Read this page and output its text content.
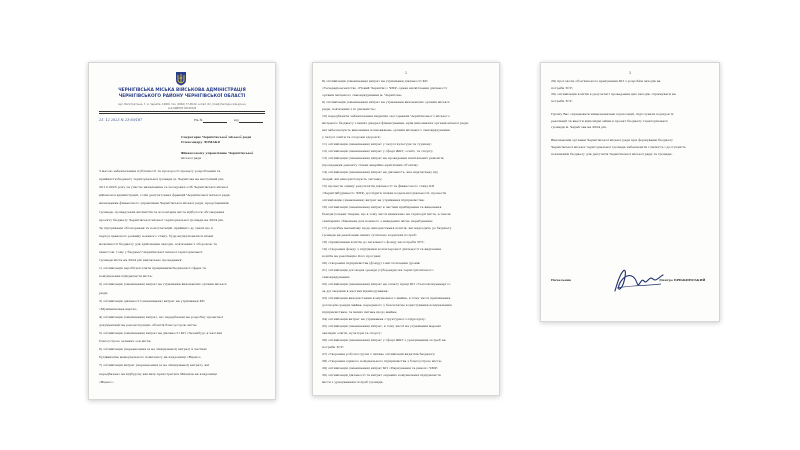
ЧЕРНІГІВСЬКА МІСЬКА ВІЙСЬКОВА АДМІНІСТРАЦІЯ
ЧЕРНІГІВСЬКОГО РАЙОНУ ЧЕРНІГІВСЬКОЇ ОБЛАСТІ
вул. Магістратська, 7, м. Чернігів, 14000, тел. (0462) 77-48-02, e-mail: cbr_mva@chernigiv-rada.gov.ua
код ЄДРПОУ 45199729
21. 12 2023 № 23-50/187	На №	від
Секретарю Чернігівської міської ради
Олександру ЛОМАКО
Фінансовому управлінню Чернігівської
міської ради
З метою забезпечення публічності та прозорості процесу розроблення та
прийняття бюджету територіальної громади м. Чернігова на наступний рік,
20.12.2023 року за участю начальника та посадових осіб Чернігівської міської
військової адміністрації, голів депутатських фракцій Чернігівської міської ради,
начальника фінансового управління Чернігівської міської ради, представників
громади, громадських активістів та волонтерів міста відбулося обговорення
проєкту бюджету Чернігівської міської територіальної громади на 2024 рік.
За підсумками обговорення та консультацій, прийнято до уваги що в
період правового режиму воєнного стану, буде акумулюватися вільні
можливості бюджету для здійснення заходів, пов'язаних з обороною та
захистом, тому у бюджеті Чернігівської міської територіальної
громади міста на 2024 рік виключено проведення:
1) оптимізація заробітної плати працівників бюджетної сфери та
комунальних підприємств міста;
2) оптимізація (зменшення) витрат на утримання виконавчих органів міської
ради;
3) оптимізація діяльності (зменшення) витрат на утримання КП
«Муніципальна варта»;
4) оптимізація (зменшення) витрат, що передбачені на розробку проектної
документації на реконструкцію об'єктів благоустрою міста;
5) оптимізація (зменшення) витрат на діяльності КП «Зеленбуд» в частині
благоустрою зелених зон міста;
6) оптимізація (перенесення (а не ліквідованої) витрат) в частині
будівництва меморіального комплексу на кладовищі «Яцево»;
7) оптимізація витрат (перенесення (а не ліквідованої) витрат), які
передбачено на відбудову каплиці Архистратига Михаїла на кладовищі
«Яцево»;
2
8) оптимізація (зменшення) витрат на утримання діяльності КП
«Телерадіоагентство «Новий Чернігів»» ЧМР, однак висвітлення діяльності
органів місцевого самоврядування м. Чернігова;
9) оптимізація (зменшення) витрат на утримання виконавчих органів міської
ради, пов'язаних з їх діяльністю;
10) передбачити забезпечення видатків сьогоденних Чернігівського міського
місцевого бюджету з інших джерел фінансування, крім виконавчих органів міської ради,
які забезпечують виконання повноважень органів місцевого самоврядування
у галузі освіти та охорони здоров'я;
11) оптимізація (зменшення) витрат у галузі культури та туризму;
12) оптимізація (зменшення) витрат у сфері ЖКГ, освіті, та спорту;
13) оптимізація (зменшення) витрат на проведення капітальних ремонтів
(проведення ремонту тільки аварійно-критичних об'єктів);
14) оптимізація (зменшення) витрат на діяльність, яке відключену від
людей, які використовують систему;
15) провести оцінку результатів діяльності та фінансового стану КП
«Чернігівбудінвест» ЧМР, дослідити шляхи подальшої діяльності, провести
оптимізацію (зменшення) витрат на утримання підприємства;
16) оптимізація (зменшення) витрат в частині прибирання та вивезення
безпритульних тварин, що в тому числі визначено на території міста, а також
санітарних обмежень для кожного з наведених місць перебування;
17) розробка механізму щодо використання коштів, які надходять до бюджету
громади на реалізацію інших суспільно корисних потреб;
18) спрямування коштів до загального фонду на потреби ЗСУ;
19) створення фонду з підтримки волонтерської діяльності та виділення
коштів на реалізацію його програм;
20) створення підприємства (фонду) з виготовлення дронів;
21) оптимізація договорів оренди (суборенди) на території міського
самоврядування;
22) оптимізація (зменшення) витрат на оплату праці КП «Теплокомуненерго»
за договорами в частині відшкодування;
23) оптимізація використання комунального майна, в тому числі припинення
договорів оренди майна, переданого у безоплатне користування комунальним
підприємствам, та інших питань щодо майна;
24) оптимізація витрат на утримання структурного підрозділу;
25) оптимізація (зменшення) витрат, в тому числі на утримання мережі
закладів освіти, культури та спорту;
26) оптимізація (зменшення) витрат у сфері ЖКГ з урахуванням потреб на
потреби ЗСУ;
27) створення робочої групи з питань оптимізації видатків бюджету;
28) створення єдиного комунального підприємства з благоустрою міста;
29) оптимізація (зменшення) витрат КП «Паркування та ринок» ЧМР;
30) оптимізація діяльності та витрат окремих комунальних підприємств
міста з урахуванням потреб громади.
3
29) протоколи обов'язкового врахування КП з розробки заходів на
потреби ЗСУ;
30) оптимізація коштів в результаті проведення цих заходів, спрямувати на
потреби ЗСУ.
Прошу Вас опрацювати вищезазначені пропозиції, підготувати порядок їх
реалізації та внести відповідні зміни в проект бюджету територіальної
громади м. Чернігова на 2024 рік.
Виконавчим органам Чернігівської міської ради при формуванні бюджету
Чернігівської міської територіальної громади забезпечити гласність і доступність
показників бюджету для депутатів Чернігівської міської ради та громади.
Начальник	Дмитро БРИЖИНСЬКИЙ
